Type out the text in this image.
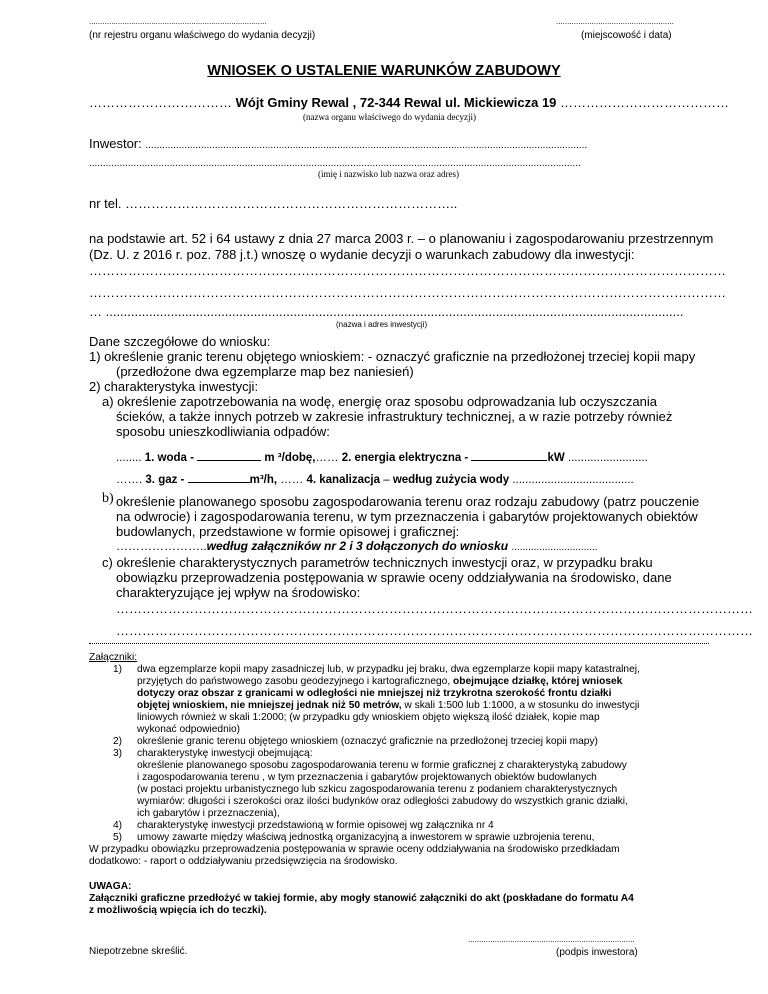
................................................................................
(nr rejestru organu właściwego do wydania decyzji)
.....................................................
(miejscowość i data)
WNIOSEK O USTALENIE WARUNKÓW ZABUDOWY
…………………………… Wójt Gminy Rewal , 72-344 Rewal ul. Mickiewicza 19 …………………………………
(nazwa organu właściwego do wydania decyzji)
Inwestor: ...............................................................................................................................................................
.................................................................................................................................................................................
(imię i nazwisko lub nazwa oraz adres)
nr tel. …………………………………………………………………..
na podstawie art. 52 i 64 ustawy z dnia 27 marca 2003 r. – o planowaniu i zagospodarowaniu przestrzennym
(Dz. U. z 2016 r. poz. 788 j.t.) wnoszę o wydanie decyzji o warunkach zabudowy dla inwestycji:
…………………………………………………………………………………………………………………………………
…………………………………………………………………………………………………………………………………
… ................................................................................................................................................................
(nazwa i adres inwestycji)
Dane szczegółowe do wniosku:
1) określenie granic terenu objętego wnioskiem: - oznaczyć graficznie na przedłożonej trzeciej kopii mapy
(przedłożone dwa egzemplarze map bez naniesień)
2) charakterystyka inwestycji:
a) określenie zapotrzebowania na wodę, energię oraz sposobu odprowadzania lub oczyszczania
ścieków, a także innych potrzeb w zakresie infrastruktury technicznej, a w razie potrzeby również
sposobu unieszkodliwiania odpadów:
........ 1. woda -	m ³/dobę,…… 2. energia elektryczna -	kW .........................
……. 3. gaz -	m³/h, …… 4. kanalizacja – według zużycia wody ......................................
b) określenie planowanego sposobu zagospodarowania terenu oraz rodzaju zabudowy (patrz pouczenie
na odwrocie) i zagospodarowania terenu, w tym przeznaczenia i gabarytów projektowanych obiektów
budowlanych, przedstawione w formie opisowej i graficznej:
…………………..według załączników nr 2 i 3 dołączonych do wniosku ...............................
c) określenie charakterystycznych parametrów technicznych inwestycji oraz, w przypadku braku
obowiązku przeprowadzenia postępowania w sprawie oceny oddziaływania na środowisko, dane
charakteryzujące jej wpływ na środowisko:
…………………………………………………………………………………………………………………………………
…………………………………………………………………………………………………………………………………
Załączniki:
1) dwa egzemplarze kopii mapy zasadniczej lub, w przypadku jej braku, dwa egzemplarze kopii mapy katastralnej,
przyjętych do państwowego zasobu geodezyjnego i kartograficznego, obejmujące działkę, której wniosek
dotyczy oraz obszar z granicami w odległości nie mniejszej niż trzykrotna szerokość frontu działki
objętej wnioskiem, nie mniejszej jednak niż 50 metrów, w skali 1:500 lub 1:1000, a w stosunku do inwestycji
liniowych również w skali 1:2000; (w przypadku gdy wnioskiem objęto większą ilość działek, kopie map
wykonać odpowiednio)
2) określenie granic terenu objętego wnioskiem (oznaczyć graficznie na przedłożonej trzeciej kopii mapy)
3) charakterystykę inwestycji obejmującą:
określenie planowanego sposobu zagospodarowania terenu w formie graficznej z charakterystyką zabudowy
i zagospodarowania terenu , w tym przeznaczenia i gabarytów projektowanych obiektów budowlanych
(w postaci projektu urbanistycznego lub szkicu zagospodarowania terenu z podaniem charakterystycznych
wymiarów: długości i szerokości oraz ilości budynków oraz odległości zabudowy do wszystkich granic działki,
ich gabarytów i przeznaczenia),
4) charakterystykę inwestycji przedstawioną w formie opisowej wg załącznika nr 4
5) umowy zawarte między właściwą jednostką organizacyjną a inwestorem w sprawie uzbrojenia terenu,
W przypadku obowiązku przeprowadzenia postępowania w sprawie oceny oddziaływania na środowisko przedkładam
dodatkowo: - raport o oddziaływaniu przedsięwzięcia na środowisko.
UWAGA:
Załączniki graficzne przedłożyć w takiej formie, aby mogły stanowić załączniki do akt (poskładane do formatu A4
z możliwością wpięcia ich do teczki).
...........................................................................
Niepotrzebne skreślić.	(podpis inwestora)
